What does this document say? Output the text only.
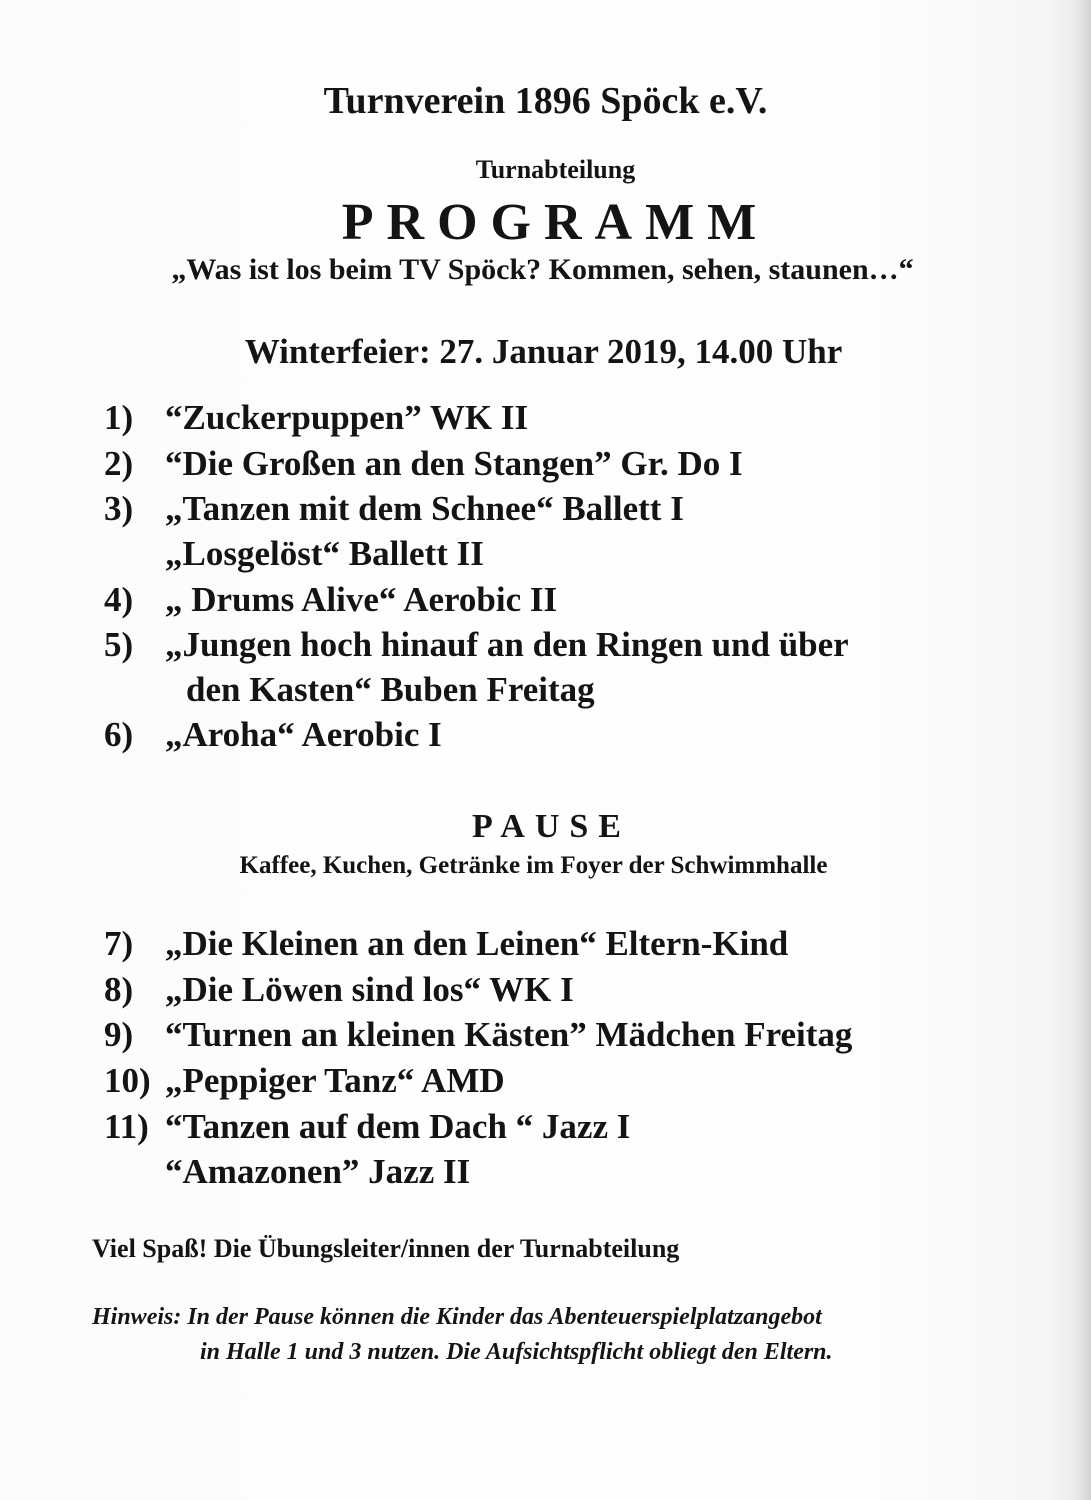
Turnverein 1896 Spöck e.V.
Turnabteilung
PROGRAMM
„Was ist los beim TV Spöck? Kommen, sehen, staunen…“
Winterfeier: 27. Januar 2019, 14.00 Uhr
1) “Zuckerpuppen” WK II
2) “Die Großen an den Stangen” Gr. Do I
3) „Tanzen mit dem Schnee“ Ballett I
„Losgelöst“ Ballett II
4) „ Drums Alive“ Aerobic II
5) „Jungen hoch hinauf an den Ringen und über
den Kasten“ Buben Freitag
6) „Aroha“ Aerobic I
PAUSE
Kaffee, Kuchen, Getränke im Foyer der Schwimmhalle
7) „Die Kleinen an den Leinen“ Eltern-Kind
8) „Die Löwen sind los“ WK I
9) “Turnen an kleinen Kästen” Mädchen Freitag
10) „Peppiger Tanz“ AMD
11) “Tanzen auf dem Dach “ Jazz I
“Amazonen” Jazz II
Viel Spaß! Die Übungsleiter/innen der Turnabteilung
Hinweis: In der Pause können die Kinder das Abenteuerspielplatzangebot
in Halle 1 und 3 nutzen. Die Aufsichtspflicht obliegt den Eltern.
